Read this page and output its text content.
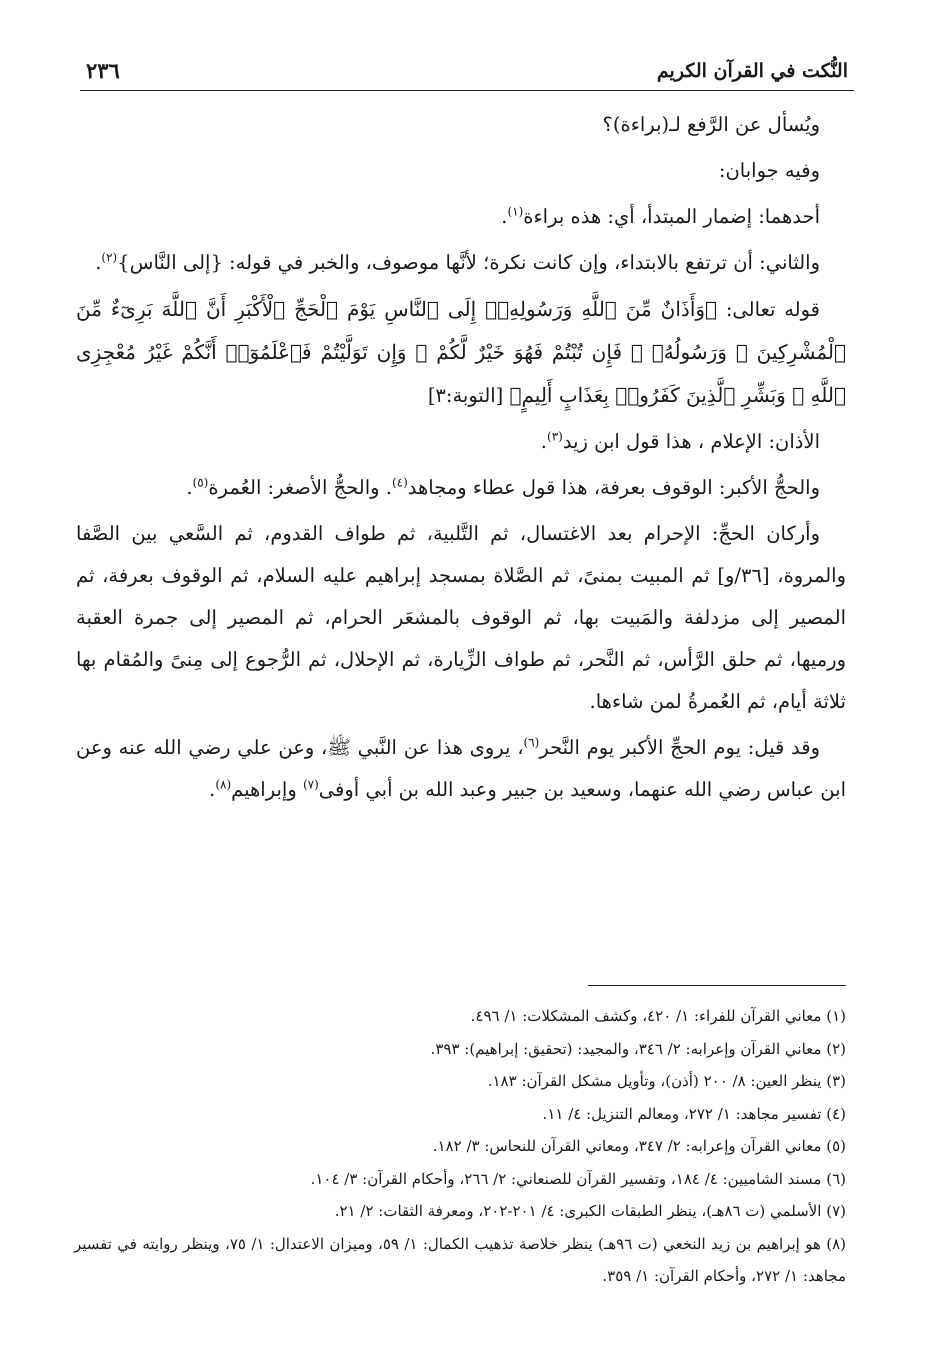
النُّكت في القرآن الكريم
٢٣٦

ويُسأل عن الرَّفع لـ(براءة)؟

وفيه جوابان:

أحدهما: إضمار المبتدأ، أي: هذه براءة$^{(١)}$.

والثاني: أن ترتفع بالابتداء، وإن كانت نكرة؛ لأنَّها موصوف، والخبر في قوله: {إلى النَّاس}$^{(٢)}$.

قوله تعالى: ﴿وَأَذَانٌ مِّنَ ٱللَّهِ وَرَسُولِهِۦٓ إِلَى ٱلنَّاسِ يَوْمَ ٱلْحَجِّ ٱلْأَكْبَرِ أَنَّ ٱللَّهَ بَرِىٓءٌ مِّنَ ٱلْمُشْرِكِينَ ۙ وَرَسُولُهُۥ ۚ فَإِن تُبْتُمْ فَهُوَ خَيْرٌ لَّكُمْ ۖ وَإِن تَوَلَّيْتُمْ فَٱعْلَمُوٓا۟ أَنَّكُمْ غَيْرُ مُعْجِزِى ٱللَّهِ ۗ وَبَشِّرِ ٱلَّذِينَ كَفَرُوا۟ بِعَذَابٍ أَلِيمٍ﴾ [التوبة:٣]

الأذان: الإعلام ، هذا قول ابن زيد$^{(٣)}$.

والحجُّ الأكبر: الوقوف بعرفة، هذا قول عطاء ومجاهد$^{(٤)}$. والحجُّ الأصغر: العُمرة$^{(٥)}$.

وأركان الحجِّ: الإحرام بعد الاغتسال، ثم التَّلبية، ثم طواف القدوم، ثم السَّعي بين الصَّفا والمروة، [٣٦/و] ثم المبيت بمنىً، ثم الصَّلاة بمسجد إبراهيم عليه السلام، ثم الوقوف بعرفة، ثم المصير إلى مزدلفة والمَبيت بها، ثم الوقوف بالمشعَر الحرام، ثم المصير إلى جمرة العقبة ورميها، ثم حلق الرَّأس، ثم النَّحر، ثم طواف الزِّيارة، ثم الإحلال، ثم الرُّجوع إلى مِنىً والمُقام بها ثلاثة أيام، ثم العُمرةُ لمن شاءها.

وقد قيل: يوم الحجِّ الأكبر يوم النَّحر$^{(٦)}$، يروى هذا عن النَّبي ﷺ، وعن علي رضي الله عنه وعن ابن عباس رضي الله عنهما، وسعيد بن جبير وعبد الله بن أبي أوفى$^{(٧)}$ وإبراهيم$^{(٨)}$.

(١) معاني القرآن للفراء: ١/ ٤٢٠، وكشف المشكلات: ١/ ٤٩٦.

(٢) معاني القرآن وإعرابه: ٢/ ٣٤٦، والمجيد: (تحقيق: إبراهيم): ٣٩٣.

(٣) ينظر العين: ٨/ ٢٠٠ (أذن)، وتأويل مشكل القرآن: ١٨٣.

(٤) تفسير مجاهد: ١/ ٢٧٢، ومعالم التنزيل: ٤/ ١١.

(٥) معاني القرآن وإعرابه: ٢/ ٣٤٧، ومعاني القرآن للنحاس: ٣/ ١٨٢.

(٦) مسند الشاميين: ٤/ ١٨٤، وتفسير القرآن للصنعاني: ٢/ ٢٦٦، وأحكام القرآن: ٣/ ١٠٤.

(٧) الأسلمي (ت ٨٦هـ)، ينظر الطبقات الكبرى: ٤/ ٢٠١-٢٠٢، ومعرفة الثقات: ٢/ ٢١.

(٨) هو إبراهيم بن زيد النخعي (ت ٩٦هـ) ينظر خلاصة تذهيب الكمال: ١/ ٥٩، وميزان الاعتدال: ١/ ٧٥، وينظر روايته في تفسير مجاهد: ١/ ٢٧٢، وأحكام القرآن: ١/ ٣٥٩.
